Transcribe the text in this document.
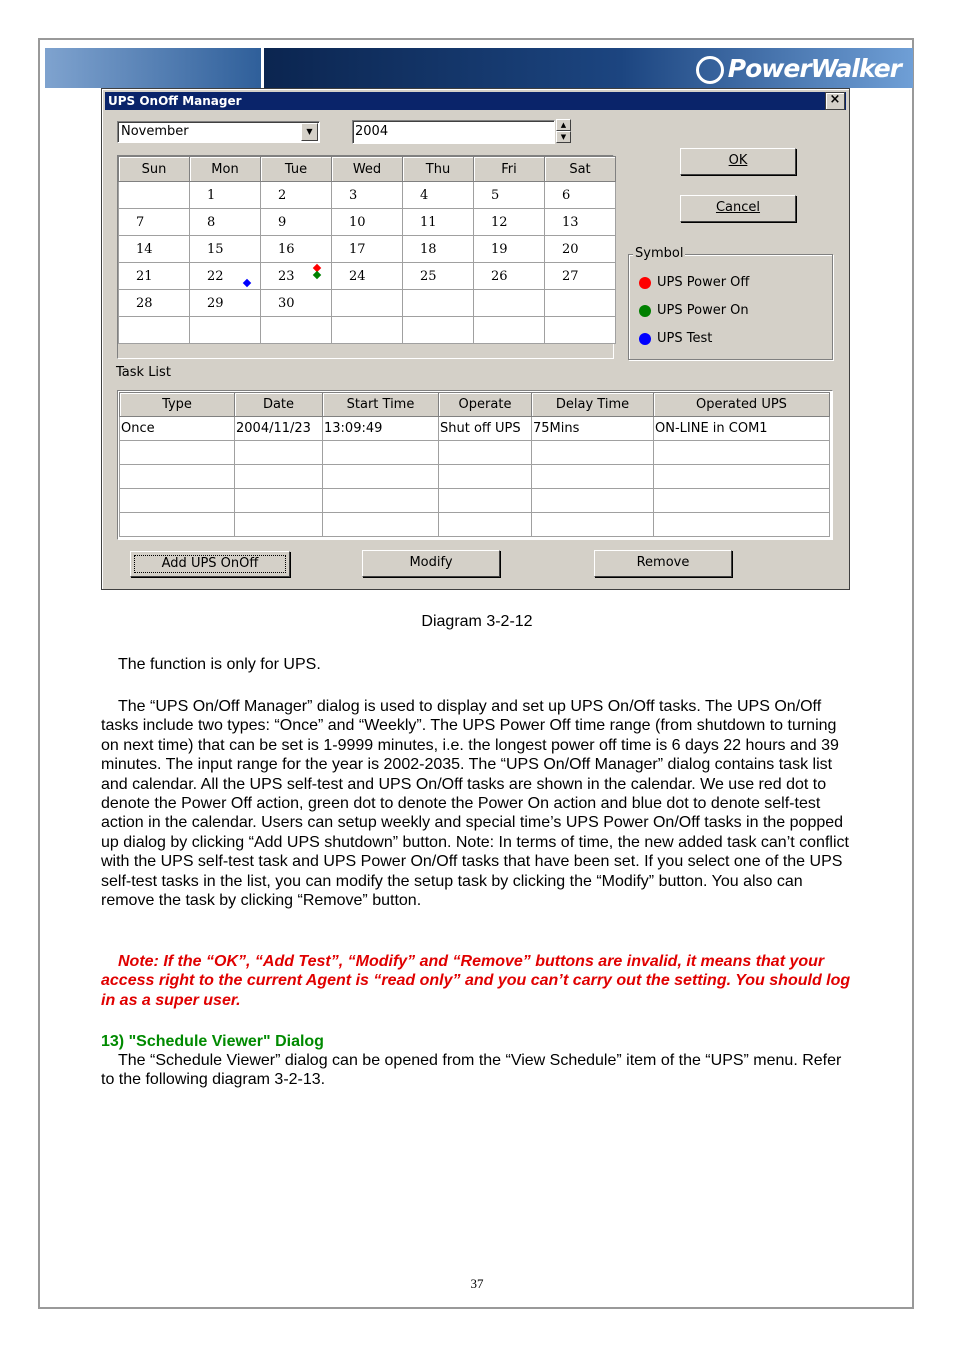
PowerWalker
UPS OnOff Manager	×
November	▼	2004	▲
▼
OK
Cancel
Sun	Mon	Tue	Wed	Thu	Fri	Sat
	1	2	3	4	5	6
7	8	9	10	11	12	13
14	15	16	17	18	19	20
21	22	23	24	25	26	27
28	29	30				

Symbol
UPS Power Off
UPS Power On
UPS Test
Task List
Type	Date	Start Time	Operate	Delay Time	Operated UPS
Once	2004/11/23	13:09:49	Shut off UPS	75Mins	ON-LINE in COM1

Add UPS OnOff	Modify	Remove
Diagram 3-2-12
The function is only for UPS.
The “UPS On/Off Manager” dialog is used to display and set up UPS On/Off tasks. The UPS On/Off tasks include two types: “Once” and “Weekly”. The UPS Power Off time range (from shutdown to turning on next time) that can be set is 1-9999 minutes, i.e. the longest power off time is 6 days 22 hours and 39 minutes. The input range for the year is 2002-2035. The “UPS On/Off Manager” dialog contains task list and calendar. All the UPS self-test and UPS On/Off tasks are shown in the calendar. We use red dot to denote the Power Off action, green dot to denote the Power On action and blue dot to denote self-test action in the calendar. Users can setup weekly and special time’s UPS Power On/Off tasks in the popped up dialog by clicking “Add UPS shutdown” button. Note: In terms of time, the new added task can’t conflict with the UPS self-test task and UPS Power On/Off tasks that have been set. If you select one of the UPS self-test tasks in the list, you can modify the setup task by clicking the “Modify” button. You also can remove the task by clicking “Remove” button.
Note: If the “OK”, “Add Test”, “Modify” and “Remove” buttons are invalid, it means that your access right to the current Agent is “read only” and you can’t carry out the setting. You should log in as a super user.
13) "Schedule Viewer" Dialog
The “Schedule Viewer” dialog can be opened from the “View Schedule” item of the “UPS” menu. Refer to the following diagram 3-2-13.
37
